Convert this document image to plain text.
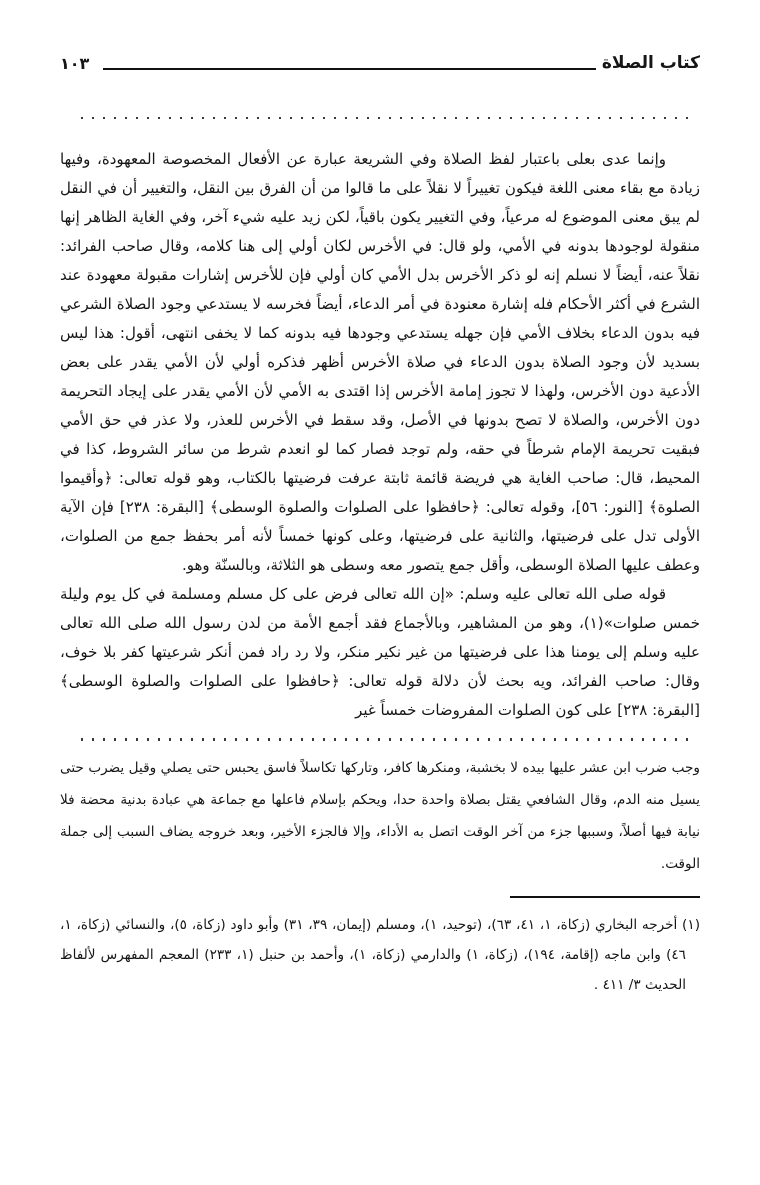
كتاب الصلاة
١٠٣

وإنما عدى بعلى باعتبار لفظ الصلاة وفي الشريعة عبارة عن الأفعال المخصوصة المعهودة، وفيها زيادة مع بقاء معنى اللغة فيكون تغييراً لا نقلاً على ما قالوا من أن الفرق بين النقل، والتغيير أن في النقل لم يبق معنى الموضوع له مرعياً، وفي التغيير يكون باقياً، لكن زيد عليه شيء آخر، وفي الغاية الظاهر إنها منقولة لوجودها بدونه في الأمي، ولو قال: في الأخرس لكان أولي إلى هنا كلامه، وقال صاحب الفرائد: نقلاً عنه، أيضاً لا نسلم إنه لو ذكر الأخرس بدل الأمي كان أولي فإن للأخرس إشارات مقبولة معهودة عند الشرع في أكثر الأحكام فله إشارة معنودة في أمر الدعاء، أيضاً فخرسه لا يستدعي وجود الصلاة الشرعي فيه بدون الدعاء بخلاف الأمي فإن جهله يستدعي وجودها فيه بدونه كما لا يخفى انتهى، أقول: هذا ليس بسديد لأن وجود الصلاة بدون الدعاء في صلاة الأخرس أظهر فذكره أولي لأن الأمي يقدر على بعض الأدعية دون الأخرس، ولهذا لا تجوز إمامة الأخرس إذا اقتدى به الأمي لأن الأمي يقدر على إيجاد التحريمة دون الأخرس، والصلاة لا تصح بدونها في الأصل، وقد سقط في الأخرس للعذر، ولا عذر في حق الأمي فبقيت تحريمة الإمام شرطاً في حقه، ولم توجد فصار كما لو انعدم شرط من سائر الشروط، كذا في المحيط، قال: صاحب الغاية هي فريضة قائمة ثابتة عرفت فرضيتها بالكتاب، وهو قوله تعالى: ﴿وأقيموا الصلوة﴾ [النور: ٥٦]، وقوله تعالى: ﴿حافظوا على الصلوات والصلوة الوسطى﴾ [البقرة: ٢٣٨] فإن الآية الأولى تدل على فرضيتها، والثانية على فرضيتها، وعلى كونها خمساً لأنه أمر بحفظ جمع من الصلوات، وعطف عليها الصلاة الوسطى، وأقل جمع يتصور معه وسطى هو الثلاثة، وبالسنّة وهو.

قوله صلى الله تعالى عليه وسلم: «إن الله تعالى فرض على كل مسلم ومسلمة في كل يوم وليلة خمس صلوات»(١)، وهو من المشاهير، وبالأجماع فقد أجمع الأمة من لدن رسول الله صلى الله تعالى عليه وسلم إلى يومنا هذا على فرضيتها من غير نكير منكر، ولا رد راد فمن أنكر شرعيتها كفر بلا خوف، وقال: صاحب الفرائد، ويه بحث لأن دلالة قوله تعالى: ﴿حافظوا على الصلوات والصلوة الوسطى﴾ [البقرة: ٢٣٨] على كون الصلوات المفروضات خمساً غير

وجب ضرب ابن عشر عليها بيده لا بخشبة، ومنكرها كافر، وتاركها تكاسلاً فاسق يحبس حتى يصلي وقيل يضرب حتى يسيل منه الدم، وقال الشافعي يقتل بصلاة واحدة حدا، ويحكم بإسلام فاعلها مع جماعة هي عبادة بدنية محضة فلا نيابة فيها أصلاً، وسببها جزء من آخر الوقت اتصل به الأداء، وإلا فالجزء الأخير، وبعد خروجه يضاف السبب إلى جملة الوقت.

(١) أخرجه البخاري (زكاة، ١، ٤١، ٦٣)، (توحيد، ١)، ومسلم (إيمان، ٣٩، ٣١) وأبو داود (زكاة، ٥)، والنسائي (زكاة، ١، ٤٦) وابن ماجه (إقامة، ١٩٤)، (زكاة، ١) والدارمي (زكاة، ١)، وأحمد بن حنبل (١، ٢٣٣) المعجم المفهرس لألفاظ الحديث ٣/ ٤١١ .
